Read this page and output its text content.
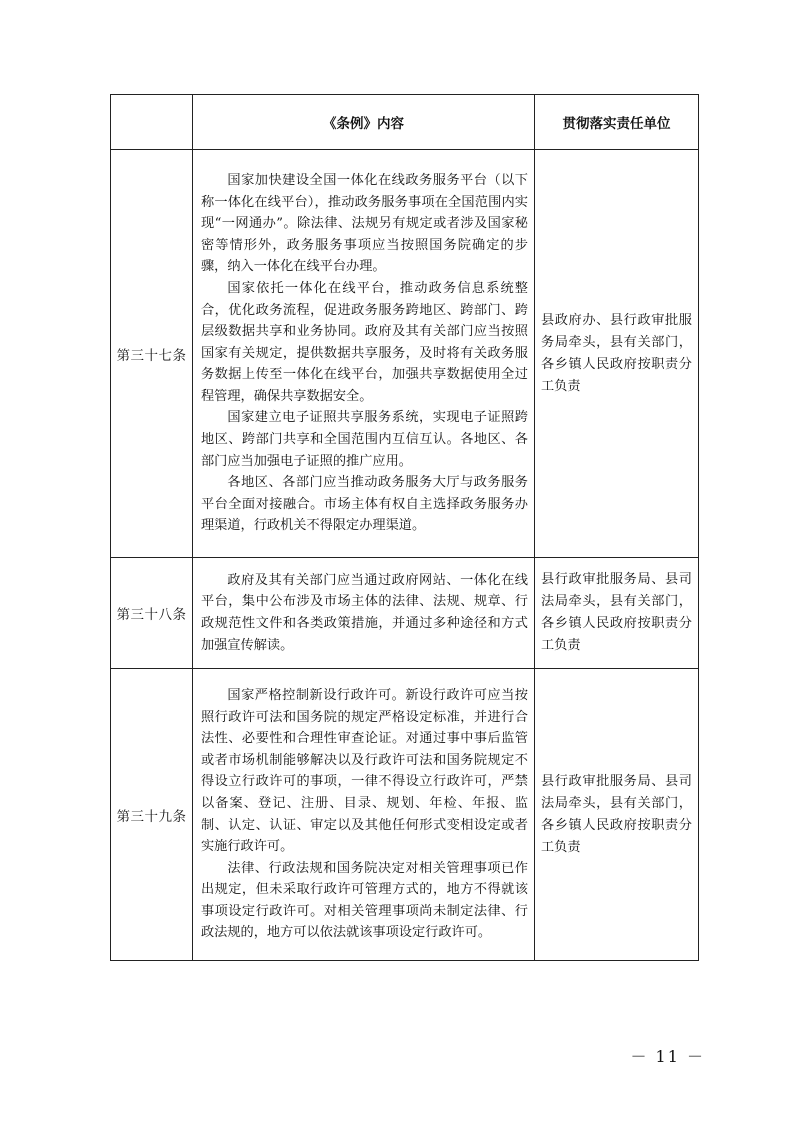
	《条例》内容	贯彻落实责任单位
第三十七条	国家加快建设全国一体化在线政务服务平台（以下称一体化在线平台），推动政务服务事项在全国范围内实现“一网通办”。除法律、法规另有规定或者涉及国家秘密等情形外，政务服务事项应当按照国务院确定的步骤，纳入一体化在线平台办理。

国家依托一体化在线平台，推动政务信息系统整合，优化政务流程，促进政务服务跨地区、跨部门、跨层级数据共享和业务协同。政府及其有关部门应当按照国家有关规定，提供数据共享服务，及时将有关政务服务数据上传至一体化在线平台，加强共享数据使用全过程管理，确保共享数据安全。

国家建立电子证照共享服务系统，实现电子证照跨地区、跨部门共享和全国范围内互信互认。各地区、各部门应当加强电子证照的推广应用。

各地区、各部门应当推动政务服务大厅与政务服务平台全面对接融合。市场主体有权自主选择政务服务办理渠道，行政机关不得限定办理渠道。	县政府办、县行政审批服务局牵头，县有关部门，各乡镇人民政府按职责分工负责
第三十八条	政府及其有关部门应当通过政府网站、一体化在线平台，集中公布涉及市场主体的法律、法规、规章、行政规范性文件和各类政策措施，并通过多种途径和方式加强宣传解读。	县行政审批服务局、县司法局牵头，县有关部门，各乡镇人民政府按职责分工负责
第三十九条	国家严格控制新设行政许可。新设行政许可应当按照行政许可法和国务院的规定严格设定标准，并进行合法性、必要性和合理性审查论证。对通过事中事后监管或者市场机制能够解决以及行政许可法和国务院规定不得设立行政许可的事项，一律不得设立行政许可，严禁以备案、登记、注册、目录、规划、年检、年报、监制、认定、认证、审定以及其他任何形式变相设定或者实施行政许可。

法律、行政法规和国务院决定对相关管理事项已作出规定，但未采取行政许可管理方式的，地方不得就该事项设定行政许可。对相关管理事项尚未制定法律、行政法规的，地方可以依法就该事项设定行政许可。	县行政审批服务局、县司法局牵头，县有关部门，各乡镇人民政府按职责分工负责
－ 11 －
